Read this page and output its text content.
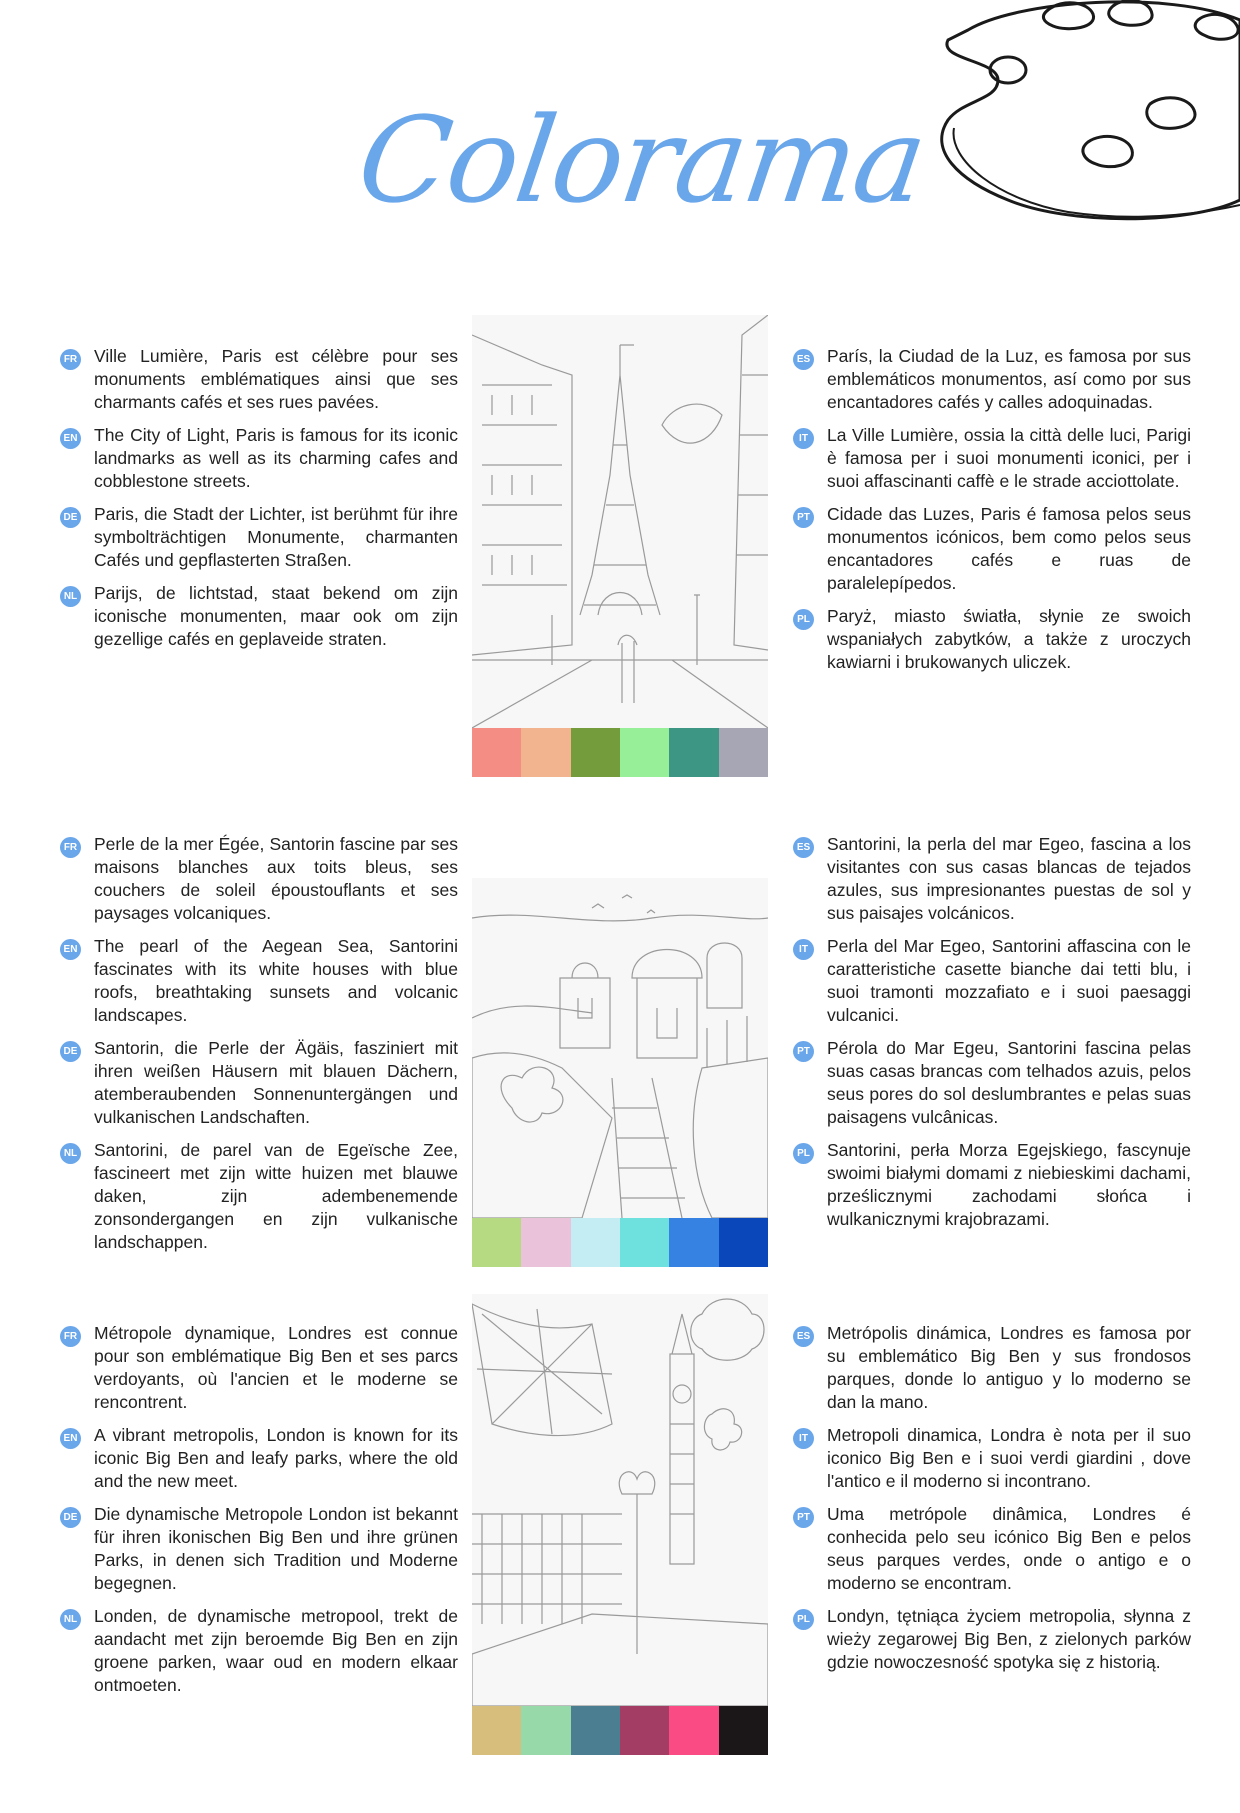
Colorama
FR Ville Lumière, Paris est célèbre pour ses monuments emblématiques ainsi que ses charmants cafés et ses rues pavées.

EN The City of Light, Paris is famous for its iconic landmarks as well as its charming cafes and cobblestone streets.

DE Paris, die Stadt der Lichter, ist berühmt für ihre symbolträchtigen Monumente, charmanten Cafés und gepflasterten Straßen.

NL Parijs, de lichtstad, staat bekend om zijn iconische monumenten, maar ook om zijn gezellige cafés en geplaveide straten.

ES París, la Ciudad de la Luz, es famosa por sus emblemáticos monumentos, así como por sus encantadores cafés y calles adoquinadas.

IT	La Ville Lumière, ossia la città delle luci, Parigi è famosa per i suoi monumenti iconici, per i suoi affascinanti caffè e le strade acciottolate.

PT Cidade das Luzes, Paris é famosa pelos seus monumentos icónicos, bem como pelos seus encantadores cafés e ruas de paralelepípedos.

PL Paryż, miasto światła, słynie ze swoich wspaniałych zabytków, a także z uroczych kawiarni i brukowanych uliczek.

FR Perle de la mer Égée, Santorin fascine par ses maisons blanches aux toits bleus, ses couchers de soleil époustouflants et ses paysages volcaniques.

EN The pearl of the Aegean Sea, Santorini fascinates with its white houses with blue roofs, breathtaking sunsets and volcanic landscapes.

DE Santorin, die Perle der Ägäis, fasziniert mit ihren weißen Häusern mit blauen Dächern, atemberaubenden Sonnenuntergängen und vulkanischen Landschaften.

NL Santorini, de parel van de Egeïsche Zee, fascineert met zijn witte huizen met blauwe daken, zijn adembenemende zonsondergangen en zijn vulkanische landschappen.

ES Santorini, la perla del mar Egeo, fascina a los visitantes con sus casas blancas de tejados azules, sus impresionantes puestas de sol y sus paisajes volcánicos.

IT	Perla del Mar Egeo, Santorini affascina con le caratteristiche casette bianche dai tetti blu, i suoi tramonti mozzafiato e i suoi paesaggi vulcanici.

PT Pérola do Mar Egeu, Santorini fascina pelas suas casas brancas com telhados azuis, pelos seus pores do sol deslumbrantes e pelas suas paisagens vulcânicas.

PL Santorini, perła Morza Egejskiego, fascynuje swoimi białymi domami z niebieskimi dachami, prześlicznymi zachodami słońca i wulkanicznymi krajobrazami.

FR Métropole dynamique, Londres est connue pour son emblématique Big Ben et ses parcs verdoyants, où l'ancien et le moderne se rencontrent.

EN A vibrant metropolis, London is known for its iconic Big Ben and leafy parks, where the old and the new meet.

DE Die dynamische Metropole London ist bekannt für ihren ikonischen Big Ben und ihre grünen Parks, in denen sich Tradition und Moderne begegnen.

NL Londen, de dynamische metropool, trekt de aandacht met zijn beroemde Big Ben en zijn groene parken, waar oud en modern elkaar ontmoeten.

ES Metrópolis dinámica, Londres es famosa por su emblemático Big Ben y sus frondosos parques, donde lo antiguo y lo moderno se dan la mano.

IT	Metropoli dinamica, Londra è nota per il suo iconico Big Ben e i suoi verdi giardini , dove l'antico e il moderno si incontrano.

PT Uma metrópole dinâmica, Londres é conhecida pelo seu icónico Big Ben e pelos seus parques verdes, onde o antigo e o moderno se encontram.

PL Londyn, tętniąca życiem metropolia, słynna z wieży zegarowej Big Ben, z zielonych parków gdzie nowoczesność spotyka się z historią.
